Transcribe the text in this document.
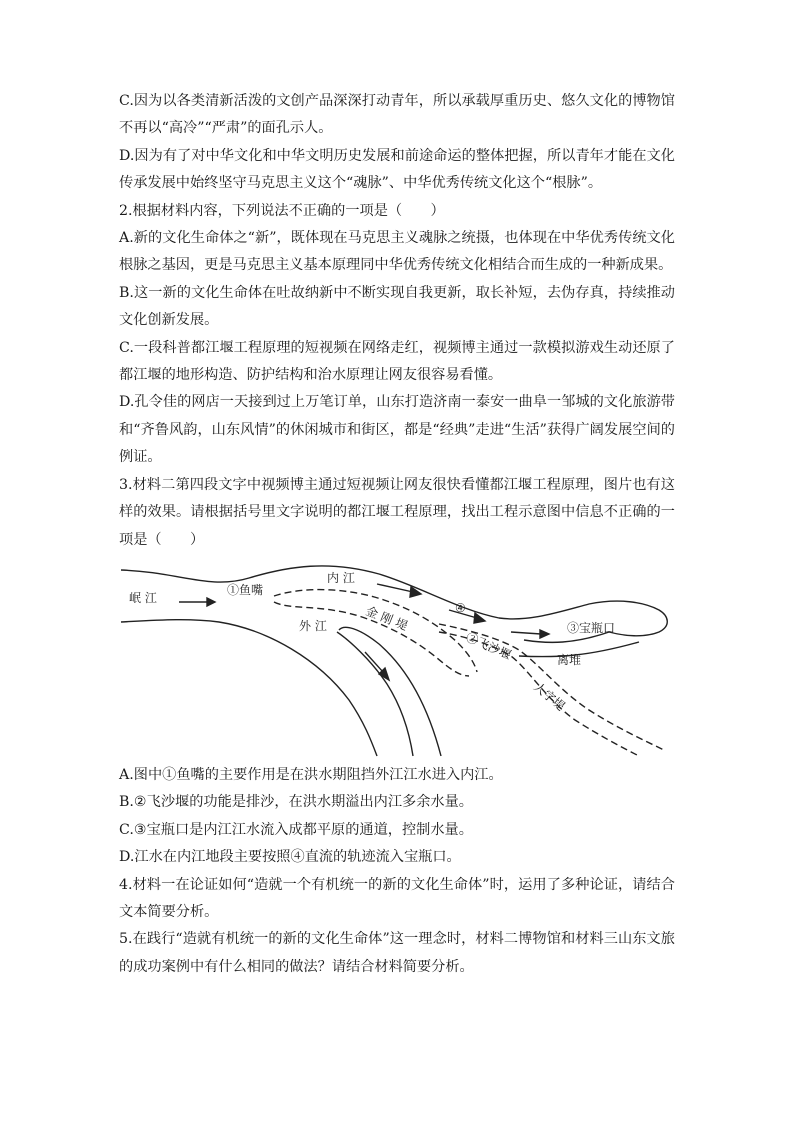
C.因为以各类清新活泼的文创产品深深打动青年，所以承载厚重历史、悠久文化的博物馆不再以“高冷”“严肃”的面孔示人。

D.因为有了对中华文化和中华文明历史发展和前途命运的整体把握，所以青年才能在文化传承发展中始终坚守马克思主义这个“魂脉”、中华优秀传统文化这个“根脉”。

2.根据材料内容，下列说法不正确的一项是（　　）

A.新的文化生命体之“新”，既体现在马克思主义魂脉之统摄，也体现在中华优秀传统文化根脉之基因，更是马克思主义基本原理同中华优秀传统文化相结合而生成的一种新成果。

B.这一新的文化生命体在吐故纳新中不断实现自我更新，取长补短，去伪存真，持续推动文化创新发展。

C.一段科普都江堰工程原理的短视频在网络走红，视频博主通过一款模拟游戏生动还原了都江堰的地形构造、防护结构和治水原理让网友很容易看懂。

D.孔令佳的网店一天接到过上万笔订单，山东打造济南一泰安一曲阜一邹城的文化旅游带和“齐鲁风韵，山东风情”的休闲城市和街区，都是“经典”走进“生活”获得广阔发展空间的例证。

3.材料二第四段文字中视频博主通过短视频让网友很快看懂都江堰工程原理，图片也有这样的效果。请根据括号里文字说明的都江堰工程原理，找出工程示意图中信息不正确的一项是（　　）

岷 江
①鱼嘴
内 江
金 刚 堤
外 江
④
②飞沙堰
③宝瓶口
离堆
人字堤

A.图中①鱼嘴的主要作用是在洪水期阻挡外江江水进入内江。

B.②飞沙堰的功能是排沙，在洪水期溢出内江多余水量。

C.③宝瓶口是内江江水流入成都平原的通道，控制水量。

D.江水在内江地段主要按照④直流的轨迹流入宝瓶口。

4.材料一在论证如何“造就一个有机统一的新的文化生命体”时，运用了多种论证，请结合文本简要分析。

5.在践行“造就有机统一的新的文化生命体”这一理念时，材料二博物馆和材料三山东文旅的成功案例中有什么相同的做法？请结合材料简要分析。
